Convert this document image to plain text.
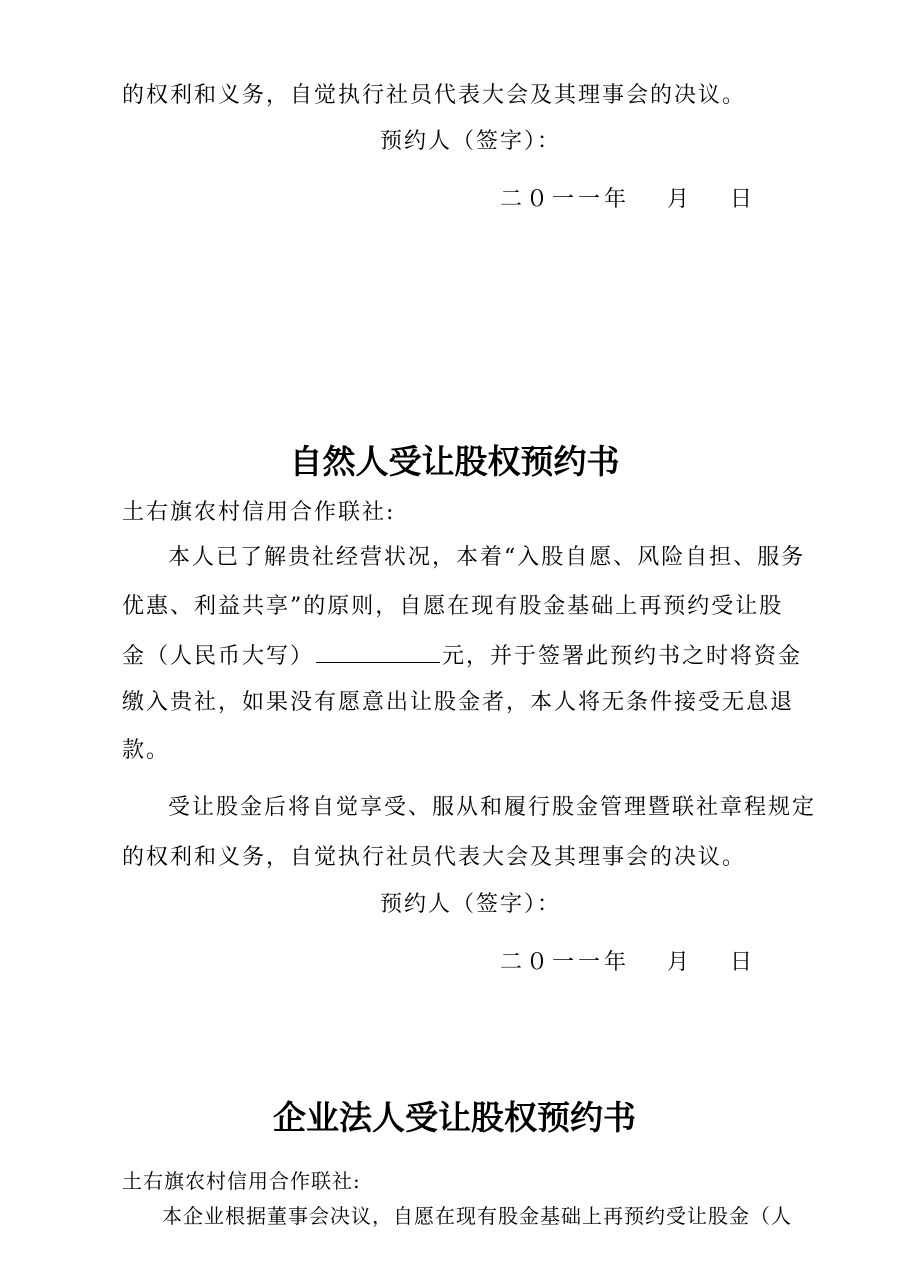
的权利和义务，自觉执行社员代表大会及其理事会的决议。
预约人（签字）：
二０一一年　 月　 日
自然人受让股权预约书
土右旗农村信用合作联社:
本人已了解贵社经营状况，本着“入股自愿、风险自担、服务
优惠、利益共享”的原则，自愿在现有股金基础上再预约受让股
金（人民币大写）	元，并于签署此预约书之时将资金
缴入贵社，如果没有愿意出让股金者，本人将无条件接受无息退
款。
受让股金后将自觉享受、服从和履行股金管理暨联社章程规定
的权利和义务，自觉执行社员代表大会及其理事会的决议。
预约人（签字）：
二０一一年　 月　 日
企业法人受让股权预约书
土右旗农村信用合作联社:
本企业根据董事会决议，自愿在现有股金基础上再预约受让股金（人
